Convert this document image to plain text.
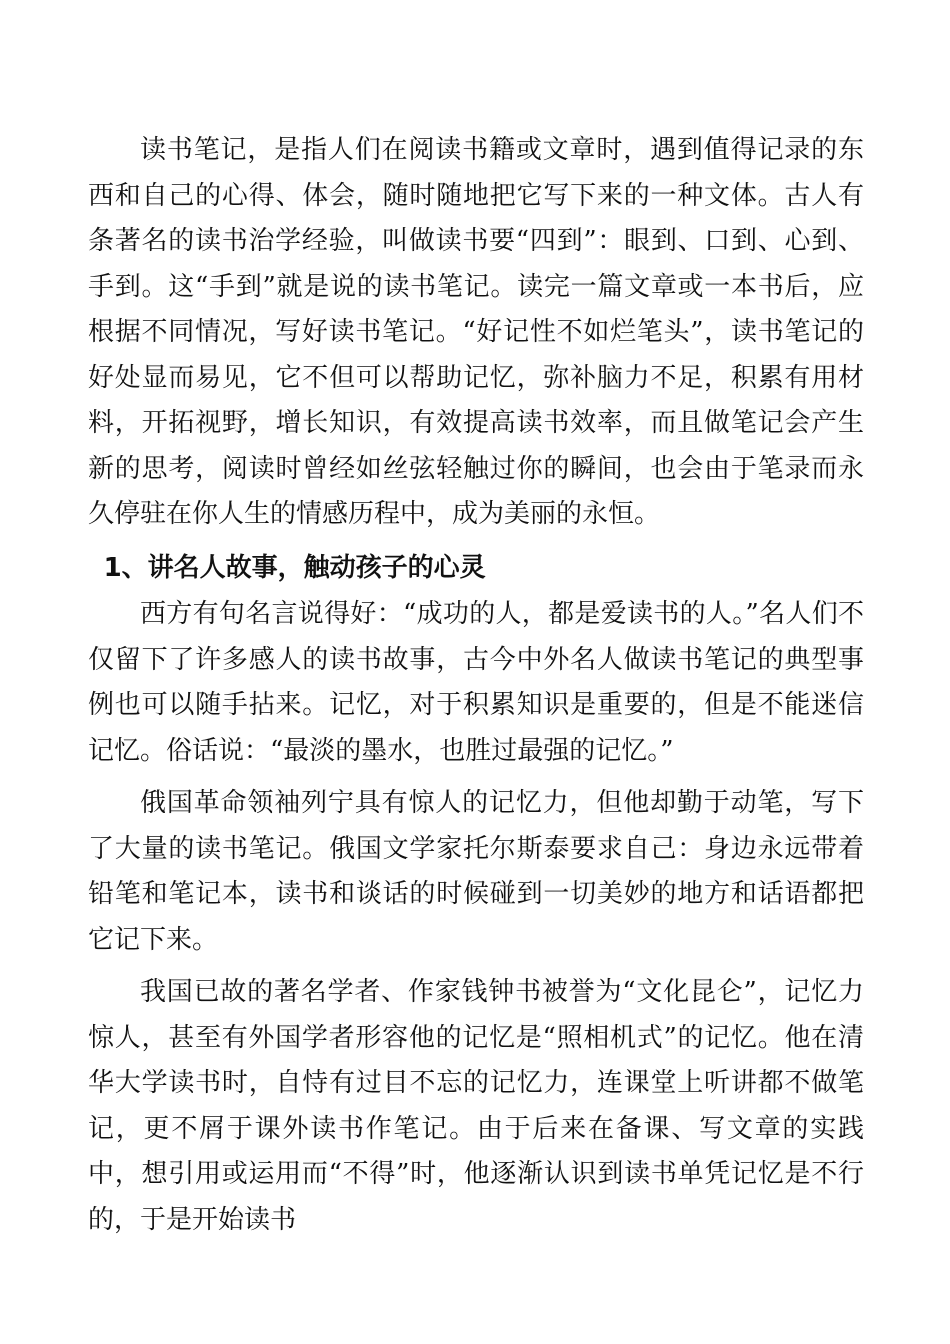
读书笔记，是指人们在阅读书籍或文章时，遇到值得记录的东西和自己的心得、体会，随时随地把它写下来的一种文体。古人有条著名的读书治学经验，叫做读书要“四到”：眼到、口到、心到、手到。这“手到”就是说的读书笔记。读完一篇文章或一本书后，应根据不同情况，写好读书笔记。“好记性不如烂笔头”，读书笔记的好处显而易见，它不但可以帮助记忆，弥补脑力不足，积累有用材料，开拓视野，增长知识，有效提高读书效率，而且做笔记会产生新的思考，阅读时曾经如丝弦轻触过你的瞬间，也会由于笔录而永久停驻在你人生的情感历程中，成为美丽的永恒。

1、讲名人故事，触动孩子的心灵

西方有句名言说得好：“成功的人，都是爱读书的人。”名人们不仅留下了许多感人的读书故事，古今中外名人做读书笔记的典型事例也可以随手拈来。记忆，对于积累知识是重要的，但是不能迷信记忆。俗话说：“最淡的墨水，也胜过最强的记忆。”

俄国革命领袖列宁具有惊人的记忆力，但他却勤于动笔，写下了大量的读书笔记。俄国文学家托尔斯泰要求自己：身边永远带着铅笔和笔记本，读书和谈话的时候碰到一切美妙的地方和话语都把它记下来。

我国已故的著名学者、作家钱钟书被誉为“文化昆仑”，记忆力惊人，甚至有外国学者形容他的记忆是“照相机式”的记忆。他在清华大学读书时，自恃有过目不忘的记忆力，连课堂上听讲都不做笔记，更不屑于课外读书作笔记。由于后来在备课、写文章的实践中，想引用或运用而“不得”时，他逐渐认识到读书单凭记忆是不行的，于是开始读书
